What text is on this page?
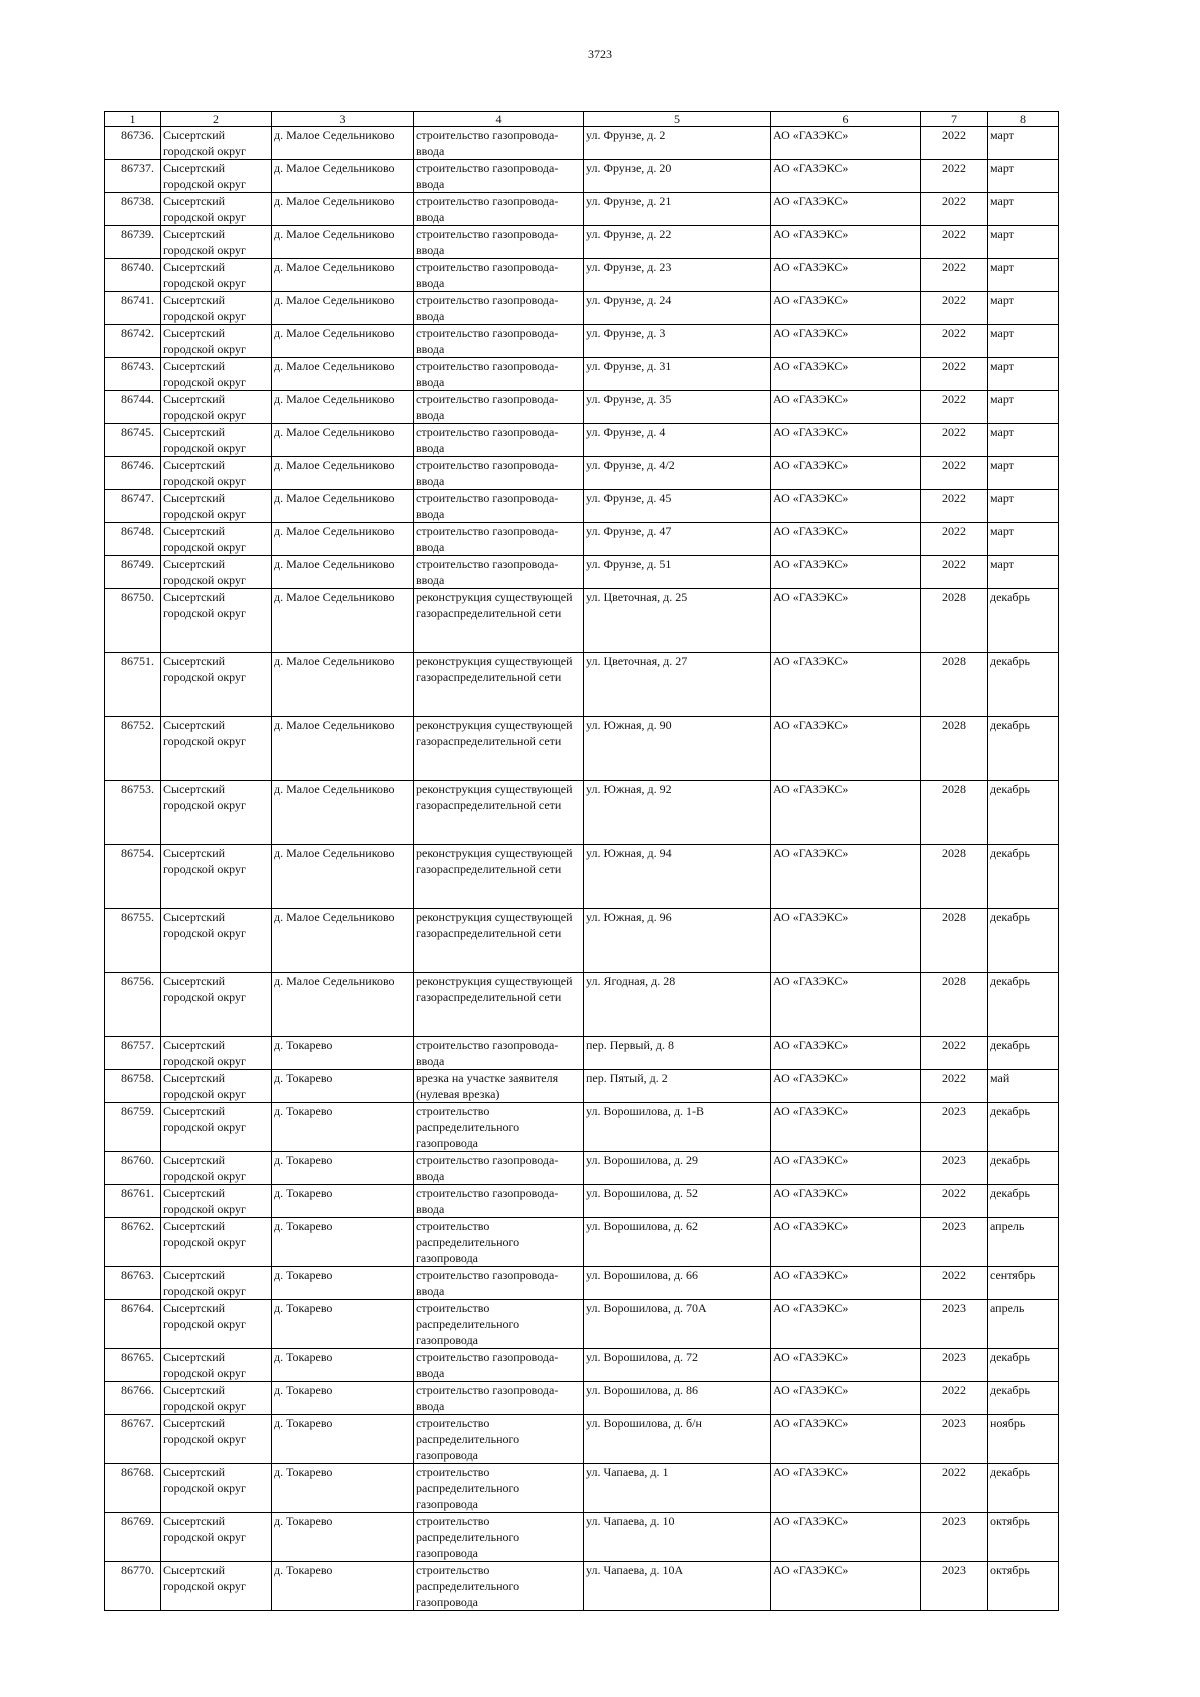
3723
1	2	3	4	5	6	7	8
86736.	Сысертский городской округ	д. Малое Седельниково	строительство газопровода-ввода	ул. Фрунзе, д. 2	АО «ГАЗЭКС»	2022	март
86737.	Сысертский городской округ	д. Малое Седельниково	строительство газопровода-ввода	ул. Фрунзе, д. 20	АО «ГАЗЭКС»	2022	март
86738.	Сысертский городской округ	д. Малое Седельниково	строительство газопровода-ввода	ул. Фрунзе, д. 21	АО «ГАЗЭКС»	2022	март
86739.	Сысертский городской округ	д. Малое Седельниково	строительство газопровода-ввода	ул. Фрунзе, д. 22	АО «ГАЗЭКС»	2022	март
86740.	Сысертский городской округ	д. Малое Седельниково	строительство газопровода-ввода	ул. Фрунзе, д. 23	АО «ГАЗЭКС»	2022	март
86741.	Сысертский городской округ	д. Малое Седельниково	строительство газопровода-ввода	ул. Фрунзе, д. 24	АО «ГАЗЭКС»	2022	март
86742.	Сысертский городской округ	д. Малое Седельниково	строительство газопровода-ввода	ул. Фрунзе, д. 3	АО «ГАЗЭКС»	2022	март
86743.	Сысертский городской округ	д. Малое Седельниково	строительство газопровода-ввода	ул. Фрунзе, д. 31	АО «ГАЗЭКС»	2022	март
86744.	Сысертский городской округ	д. Малое Седельниково	строительство газопровода-ввода	ул. Фрунзе, д. 35	АО «ГАЗЭКС»	2022	март
86745.	Сысертский городской округ	д. Малое Седельниково	строительство газопровода-ввода	ул. Фрунзе, д. 4	АО «ГАЗЭКС»	2022	март
86746.	Сысертский городской округ	д. Малое Седельниково	строительство газопровода-ввода	ул. Фрунзе, д. 4/2	АО «ГАЗЭКС»	2022	март
86747.	Сысертский городской округ	д. Малое Седельниково	строительство газопровода-ввода	ул. Фрунзе, д. 45	АО «ГАЗЭКС»	2022	март
86748.	Сысертский городской округ	д. Малое Седельниково	строительство газопровода-ввода	ул. Фрунзе, д. 47	АО «ГАЗЭКС»	2022	март
86749.	Сысертский городской округ	д. Малое Седельниково	строительство газопровода-ввода	ул. Фрунзе, д. 51	АО «ГАЗЭКС»	2022	март
86750.	Сысертский городской округ	д. Малое Седельниково	реконструкция существующей газораспределительной сети	ул. Цветочная, д. 25	АО «ГАЗЭКС»	2028	декабрь
86751.	Сысертский городской округ	д. Малое Седельниково	реконструкция существующей газораспределительной сети	ул. Цветочная, д. 27	АО «ГАЗЭКС»	2028	декабрь
86752.	Сысертский городской округ	д. Малое Седельниково	реконструкция существующей газораспределительной сети	ул. Южная, д. 90	АО «ГАЗЭКС»	2028	декабрь
86753.	Сысертский городской округ	д. Малое Седельниково	реконструкция существующей газораспределительной сети	ул. Южная, д. 92	АО «ГАЗЭКС»	2028	декабрь
86754.	Сысертский городской округ	д. Малое Седельниково	реконструкция существующей газораспределительной сети	ул. Южная, д. 94	АО «ГАЗЭКС»	2028	декабрь
86755.	Сысертский городской округ	д. Малое Седельниково	реконструкция существующей газораспределительной сети	ул. Южная, д. 96	АО «ГАЗЭКС»	2028	декабрь
86756.	Сысертский городской округ	д. Малое Седельниково	реконструкция существующей газораспределительной сети	ул. Ягодная, д. 28	АО «ГАЗЭКС»	2028	декабрь
86757.	Сысертский городской округ	д. Токарево	строительство газопровода-ввода	пер. Первый, д. 8	АО «ГАЗЭКС»	2022	декабрь
86758.	Сысертский городской округ	д. Токарево	врезка на участке заявителя (нулевая врезка)	пер. Пятый, д. 2	АО «ГАЗЭКС»	2022	май
86759.	Сысертский городской округ	д. Токарево	строительство распределительного газопровода	ул. Ворошилова, д. 1-В	АО «ГАЗЭКС»	2023	декабрь
86760.	Сысертский городской округ	д. Токарево	строительство газопровода-ввода	ул. Ворошилова, д. 29	АО «ГАЗЭКС»	2023	декабрь
86761.	Сысертский городской округ	д. Токарево	строительство газопровода-ввода	ул. Ворошилова, д. 52	АО «ГАЗЭКС»	2022	декабрь
86762.	Сысертский городской округ	д. Токарево	строительство распределительного газопровода	ул. Ворошилова, д. 62	АО «ГАЗЭКС»	2023	апрель
86763.	Сысертский городской округ	д. Токарево	строительство газопровода-ввода	ул. Ворошилова, д. 66	АО «ГАЗЭКС»	2022	сентябрь
86764.	Сысертский городской округ	д. Токарево	строительство распределительного газопровода	ул. Ворошилова, д. 70А	АО «ГАЗЭКС»	2023	апрель
86765.	Сысертский городской округ	д. Токарево	строительство газопровода-ввода	ул. Ворошилова, д. 72	АО «ГАЗЭКС»	2023	декабрь
86766.	Сысертский городской округ	д. Токарево	строительство газопровода-ввода	ул. Ворошилова, д. 86	АО «ГАЗЭКС»	2022	декабрь
86767.	Сысертский городской округ	д. Токарево	строительство распределительного газопровода	ул. Ворошилова, д. б/н	АО «ГАЗЭКС»	2023	ноябрь
86768.	Сысертский городской округ	д. Токарево	строительство распределительного газопровода	ул. Чапаева, д. 1	АО «ГАЗЭКС»	2022	декабрь
86769.	Сысертский городской округ	д. Токарево	строительство распределительного газопровода	ул. Чапаева, д. 10	АО «ГАЗЭКС»	2023	октябрь
86770.	Сысертский городской округ	д. Токарево	строительство распределительного газопровода	ул. Чапаева, д. 10А	АО «ГАЗЭКС»	2023	октябрь
